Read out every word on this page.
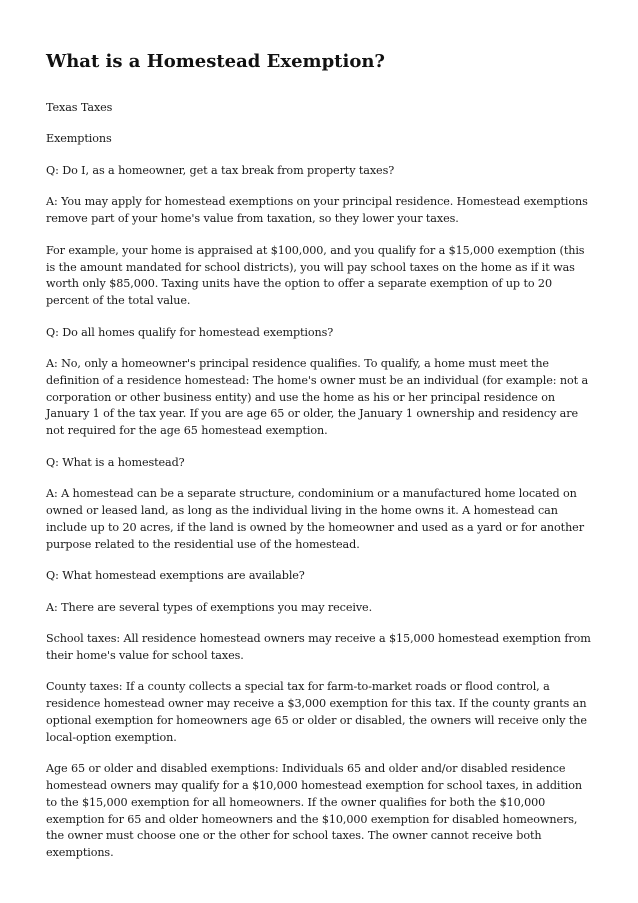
What is a Homestead Exemption?

Texas Taxes

Exemptions

Q: Do I, as a homeowner, get a tax break from property taxes?

A: You may apply for homestead exemptions on your principal residence. Homestead exemptions remove part of your home's value from taxation, so they lower your taxes.

For example, your home is appraised at $100,000, and you qualify for a $15,000 exemption (this is the amount mandated for school districts), you will pay school taxes on the home as if it was worth only $85,000. Taxing units have the option to offer a separate exemption of up to 20 percent of the total value.

Q: Do all homes qualify for homestead exemptions?

A: No, only a homeowner's principal residence qualifies. To qualify, a home must meet the definition of a residence homestead: The home's owner must be an individual (for example: not a corporation or other business entity) and use the home as his or her principal residence on January 1 of the tax year. If you are age 65 or older, the January 1 ownership and residency are not required for the age 65 homestead exemption.

Q: What is a homestead?

A: A homestead can be a separate structure, condominium or a manufactured home located on owned or leased land, as long as the individual living in the home owns it. A homestead can include up to 20 acres, if the land is owned by the homeowner and used as a yard or for another purpose related to the residential use of the homestead.

Q: What homestead exemptions are available?

A: There are several types of exemptions you may receive.

School taxes: All residence homestead owners may receive a $15,000 homestead exemption from their home's value for school taxes.

County taxes: If a county collects a special tax for farm-to-market roads or flood control, a residence homestead owner may receive a $3,000 exemption for this tax. If the county grants an optional exemption for homeowners age 65 or older or disabled, the owners will receive only the local-option exemption.

Age 65 or older and disabled exemptions: Individuals 65 and older and/or disabled residence homestead owners may qualify for a $10,000 homestead exemption for school taxes, in addition to the $15,000 exemption for all homeowners. If the owner qualifies for both the $10,000 exemption for 65 and older homeowners and the $10,000 exemption for disabled homeowners, the owner must choose one or the other for school taxes. The owner cannot receive both exemptions.
